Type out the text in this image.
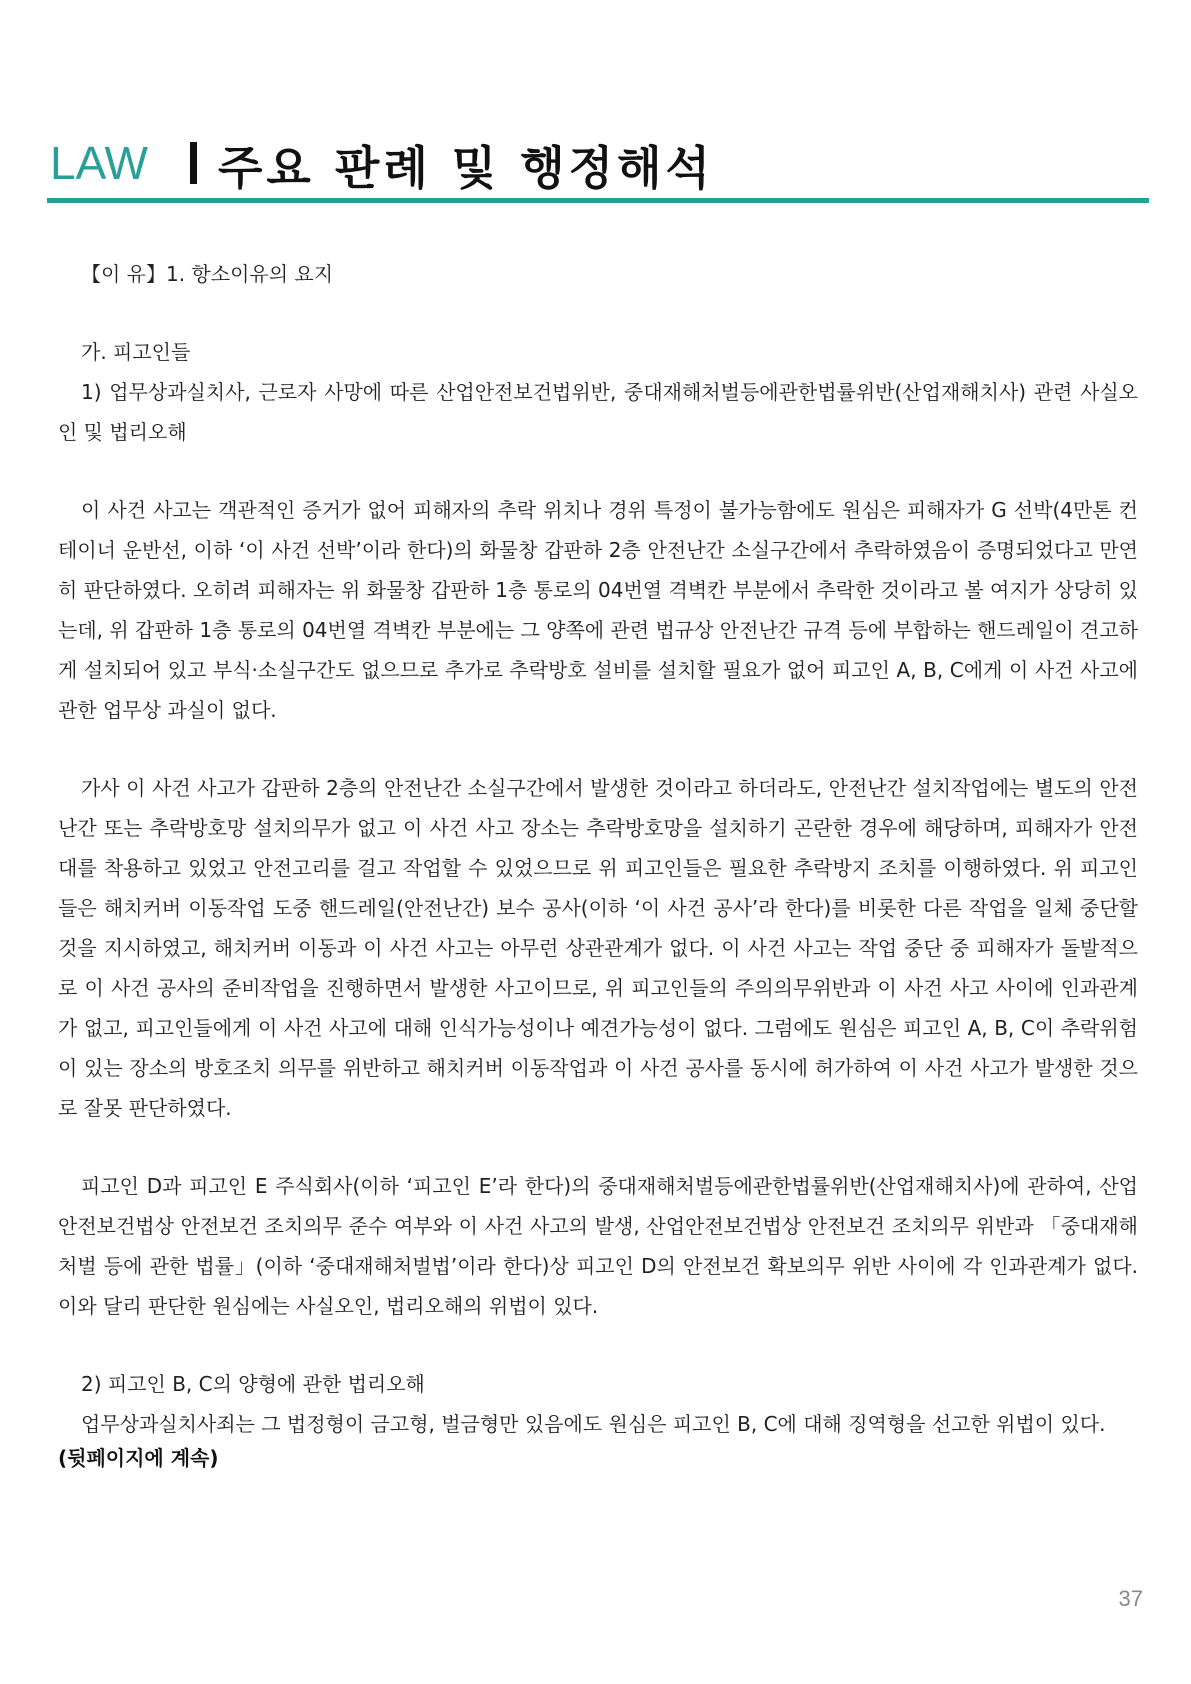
LAW 주요 판례 및 행정해석

【이 유】1. 항소이유의 요지

가. 피고인들

1) 업무상과실치사, 근로자 사망에 따른 산업안전보건법위반, 중대재해처벌등에관한법률위반(산업재해치사) 관련 사실오인 및 법리오해

이 사건 사고는 객관적인 증거가 없어 피해자의 추락 위치나 경위 특정이 불가능함에도 원심은 피해자가 G 선박(4만톤 컨테이너 운반선, 이하 ‘이 사건 선박’이라 한다)의 화물창 갑판하 2층 안전난간 소실구간에서 추락하였음이 증명되었다고 만연히 판단하였다. 오히려 피해자는 위 화물창 갑판하 1층 통로의 04번열 격벽칸 부분에서 추락한 것이라고 볼 여지가 상당히 있는데, 위 갑판하 1층 통로의 04번열 격벽칸 부분에는 그 양쪽에 관련 법규상 안전난간 규격 등에 부합하는 핸드레일이 견고하게 설치되어 있고 부식·소실구간도 없으므로 추가로 추락방호 설비를 설치할 필요가 없어 피고인 A, B, C에게 이 사건 사고에 관한 업무상 과실이 없다.

가사 이 사건 사고가 갑판하 2층의 안전난간 소실구간에서 발생한 것이라고 하더라도, 안전난간 설치작업에는 별도의 안전난간 또는 추락방호망 설치의무가 없고 이 사건 사고 장소는 추락방호망을 설치하기 곤란한 경우에 해당하며, 피해자가 안전대를 착용하고 있었고 안전고리를 걸고 작업할 수 있었으므로 위 피고인들은 필요한 추락방지 조치를 이행하였다. 위 피고인들은 해치커버 이동작업 도중 핸드레일(안전난간) 보수 공사(이하 ‘이 사건 공사’라 한다)를 비롯한 다른 작업을 일체 중단할 것을 지시하였고, 해치커버 이동과 이 사건 사고는 아무런 상관관계가 없다. 이 사건 사고는 작업 중단 중 피해자가 돌발적으로 이 사건 공사의 준비작업을 진행하면서 발생한 사고이므로, 위 피고인들의 주의의무위반과 이 사건 사고 사이에 인과관계가 없고, 피고인들에게 이 사건 사고에 대해 인식가능성이나 예견가능성이 없다. 그럼에도 원심은 피고인 A, B, C이 추락위험이 있는 장소의 방호조치 의무를 위반하고 해치커버 이동작업과 이 사건 공사를 동시에 허가하여 이 사건 사고가 발생한 것으로 잘못 판단하였다.

피고인 D과 피고인 E 주식회사(이하 ‘피고인 E’라 한다)의 중대재해처벌등에관한법률위반(산업재해치사)에 관하여, 산업안전보건법상 안전보건 조치의무 준수 여부와 이 사건 사고의 발생, 산업안전보건법상 안전보건 조치의무 위반과 「중대재해 처벌 등에 관한 법률」(이하 ‘중대재해처벌법’이라 한다)상 피고인 D의 안전보건 확보의무 위반 사이에 각 인과관계가 없다. 이와 달리 판단한 원심에는 사실오인, 법리오해의 위법이 있다.

2) 피고인 B, C의 양형에 관한 법리오해

업무상과실치사죄는 그 법정형이 금고형, 벌금형만 있음에도 원심은 피고인 B, C에 대해 징역형을 선고한 위법이 있다.

(뒷페이지에 계속)

37
